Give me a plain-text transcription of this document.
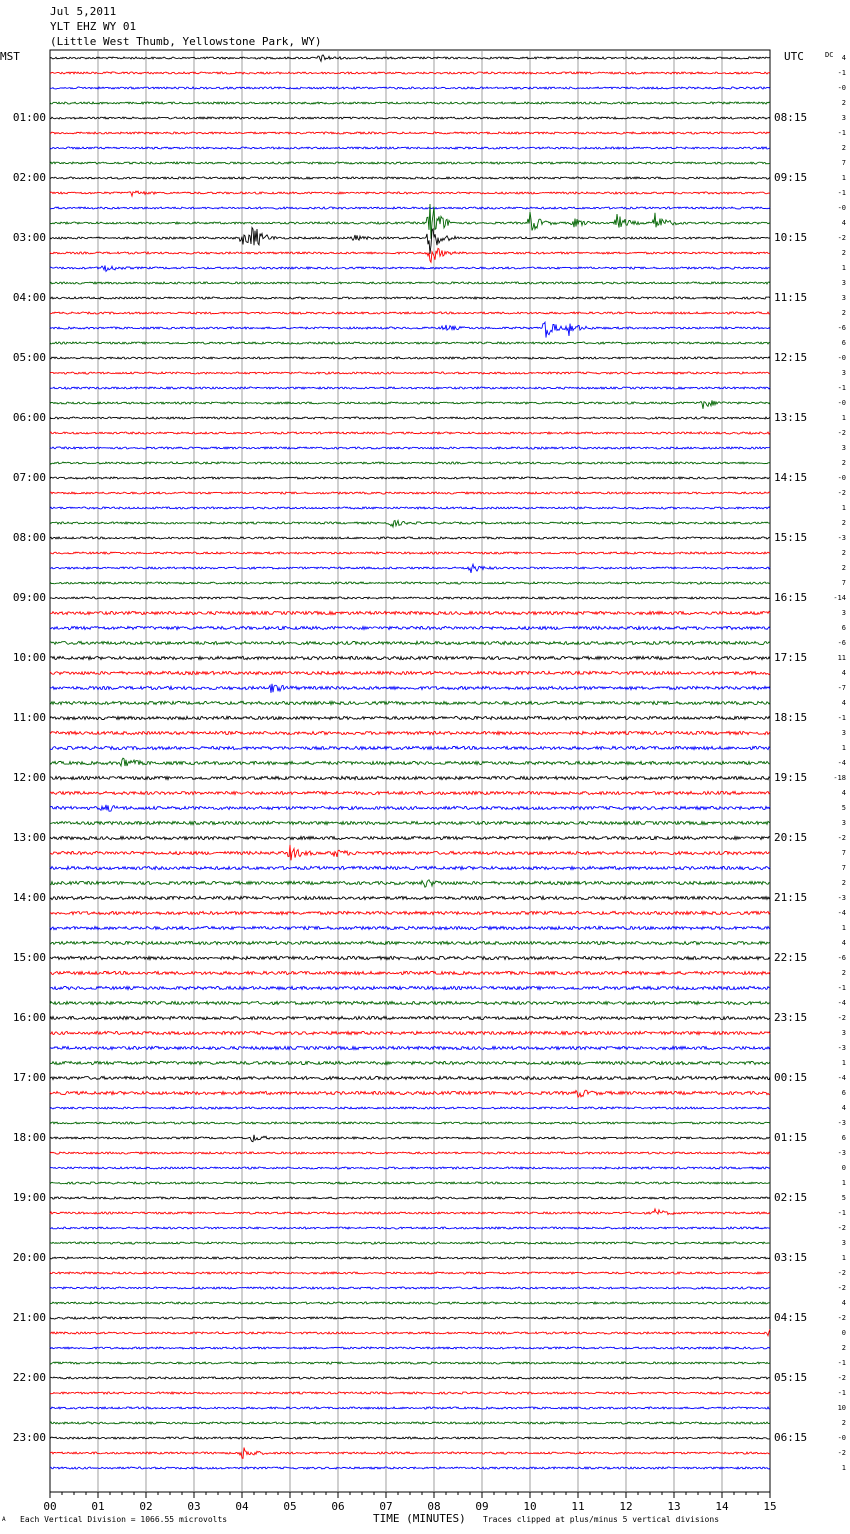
Jul 5,2011
YLT EHZ WY 01
(Little West Thumb, Yellowstone Park, WY)
MST	UTC	DC
01:00
02:00
03:00
04:00
05:00
06:00
07:00
08:00
09:00
10:00
11:00
12:00
13:00
14:00
15:00
16:00
17:00
18:00
19:00
20:00
21:00
22:00
23:00
08:15
09:15
10:15
11:15
12:15
13:15
14:15
15:15
16:15
17:15
18:15
19:15
20:15
21:15
22:15
23:15
00:15
01:15
02:15
03:15
04:15
05:15
06:15
4
-1
-0
2
3
-1
2
7
1
-1
-0
4
-2
2
1
3
3
2
-6
6
-0
3
-1
-0
1
-2
3
2
-0
-2
1
2
-3
2
2
7
-14
3
6
-6
11
4
-7
4
-1
3
1
-4
-18
4
5
3
-2
7
7
2
-3
-4
1
4
-6
2
-1
-4
-2
3
-3
1
-4
6
4
-3
6
-3
0
1
5
-1
-2
3
1
-2
-2
4
-2
0
2
-1
-2
-1
10
2
-0
-2
1
00	01	02	03	04	05	06	07	08	09	10	11	12	13	14	15
A Each Vertical Division = 1066.55 microvolts	TIME (MINUTES) Traces clipped at plus/minus 5 vertical divisions
